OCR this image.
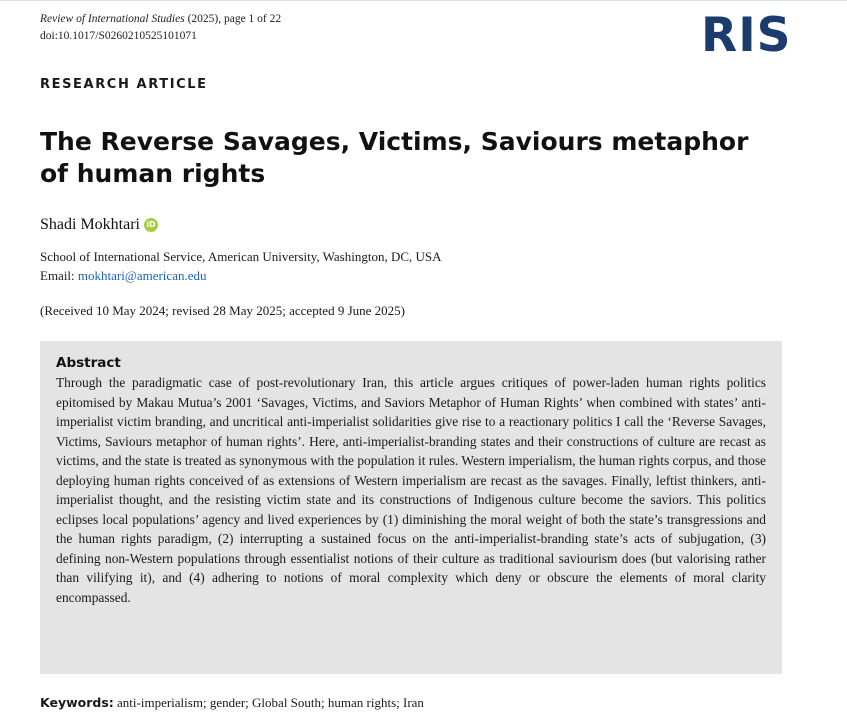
Review of International Studies (2025), page 1 of 22
doi:10.1017/S0260210525101071	RIS
RESEARCH ARTICLE
The Reverse Savages, Victims, Saviours metaphor of human rights
Shadi Mokhtari iD
School of International Service, American University, Washington, DC, USA
Email: mokhtari@american.edu
(Received 10 May 2024; revised 28 May 2025; accepted 9 June 2025)
Abstract

Through the paradigmatic case of post-revolutionary Iran, this article argues critiques of power-laden human rights politics epitomised by Makau Mutua’s 2001 ‘Savages, Victims, and Saviors Metaphor of Human Rights’ when combined with states’ anti-imperialist victim branding, and uncritical anti-imperialist solidarities give rise to a reactionary politics I call the ‘Reverse Savages, Victims, Saviours metaphor of human rights’. Here, anti-imperialist-branding states and their constructions of culture are recast as victims, and the state is treated as synonymous with the population it rules. Western imperialism, the human rights corpus, and those deploying human rights conceived of as extensions of Western imperialism are recast as the savages. Finally, leftist thinkers, anti-imperialist thought, and the resisting victim state and its constructions of Indigenous culture become the saviors. This politics eclipses local populations’ agency and lived experiences by (1) diminishing the moral weight of both the state’s transgressions and the human rights paradigm, (2) interrupting a sustained focus on the anti-imperialist-branding state’s acts of subjugation, (3) defining non-Western populations through essentialist notions of their culture as traditional saviourism does (but valorising rather than vilifying it), and (4) adhering to notions of moral complexity which deny or obscure the elements of moral clarity encompassed.

Keywords: anti-imperialism; gender; Global South; human rights; Iran
